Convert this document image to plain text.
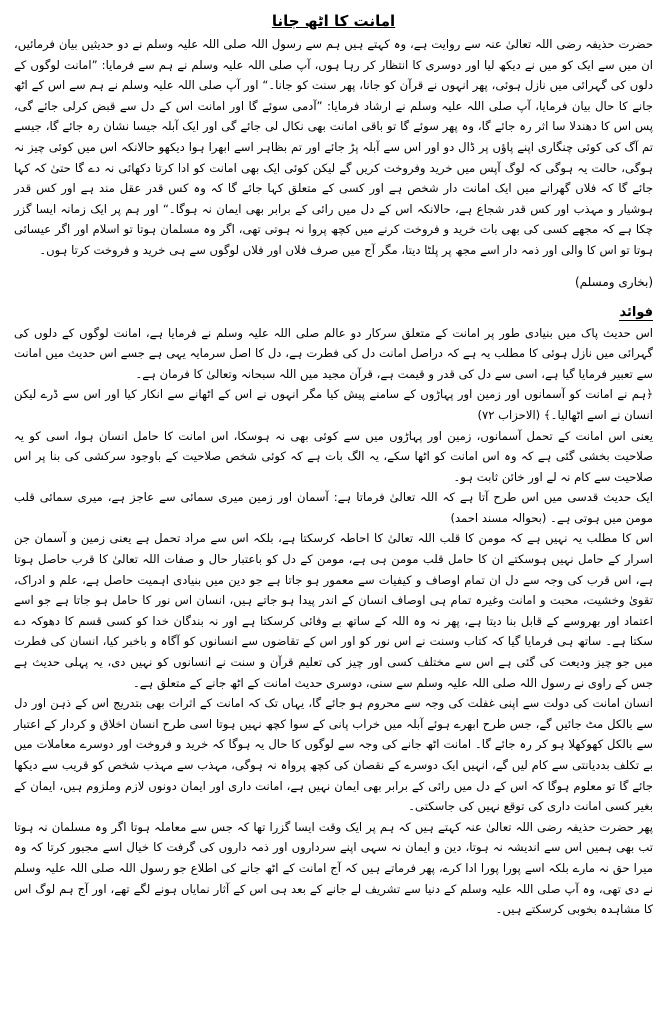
امانت کا اٹھ جانا

حضرت حذیفہ رضی اللہ تعالیٰ عنہ سے روایت ہے، وہ کہتے ہیں ہم سے رسول اللہ صلی اللہ علیہ وسلم نے دو حدیثیں بیان فرمائیں، ان میں سے ایک کو میں نے دیکھ لیا اور دوسری کا انتظار کر رہا ہوں، آپ صلی اللہ علیہ وسلم نے ہم سے فرمایا: ”امانت لوگوں کے دلوں کی گہرائی میں نازل ہوئی، پھر انہوں نے قرآن کو جانا، پھر سنت کو جانا۔“ اور آپ صلی اللہ علیہ وسلم نے ہم سے اس کے اٹھ جانے کا حال بیان فرمایا، آپ صلی اللہ علیہ وسلم نے ارشاد فرمایا: ”آدمی سوئے گا اور امانت اس کے دل سے قبض کرلی جائے گی، پس اس کا دھندلا سا اثر رہ جائے گا، وہ پھر سوئے گا تو باقی امانت بھی نکال لی جائے گی اور ایک آبلہ جیسا نشان رہ جائے گا، جیسے تم آگ کی کوئی چنگاری اپنے پاؤں پر ڈال دو اور اس سے آبلہ پڑ جائے اور تم بظاہر اسے ابھرا ہوا دیکھو حالانکہ اس میں کوئی چیز نہ ہوگی، حالت یہ ہوگی کہ لوگ آپس میں خرید وفروخت کریں گے لیکن کوئی ایک بھی امانت کو ادا کرتا دکھائی نہ دے گا حتیٰ کہ کہا جائے گا کہ فلاں گھرانے میں ایک امانت دار شخص ہے اور کسی کے متعلق کہا جائے گا کہ وہ کس قدر عقل مند ہے اور کس قدر ہوشیار و مہذب اور کس قدر شجاع ہے، حالانکہ اس کے دل میں رائی کے برابر بھی ایمان نہ ہوگا۔“ اور ہم پر ایک زمانہ ایسا گزر چکا ہے کہ مجھے کسی کی بھی بات خرید و فروخت کرنے میں کچھ پروا نہ ہوتی تھی، اگر وہ مسلمان ہوتا تو اسلام اور اگر عیسائی ہوتا تو اس کا والی اور ذمہ دار اسے مجھ پر پلٹا دیتا، مگر آج میں صرف فلاں اور فلاں لوگوں سے ہی خرید و فروخت کرتا ہوں۔

(بخاری ومسلم)
فوائد

اس حدیث پاک میں بنیادی طور پر امانت کے متعلق سرکار دو عالم صلی اللہ علیہ وسلم نے فرمایا ہے، امانت لوگوں کے دلوں کی گہرائی میں نازل ہوئی کا مطلب یہ ہے کہ دراصل امانت دل کی فطرت ہے، دل کا اصل سرمایہ یہی ہے جسے اس حدیث میں امانت سے تعبیر فرمایا گیا ہے، اسی سے دل کی قدر و قیمت ہے، قرآن مجید میں اللہ سبحانہ وتعالیٰ کا فرمان ہے۔

﴿ہم نے امانت کو آسمانوں اور زمین اور پہاڑوں کے سامنے پیش کیا مگر انہوں نے اس کے اٹھانے سے انکار کیا اور اس سے ڈرے لیکن انسان نے اسے اٹھالیا۔﴾ (الاحزاب ۷۲)

یعنی اس امانت کے تحمل آسمانوں، زمین اور پہاڑوں میں سے کوئی بھی نہ ہوسکا، اس امانت کا حامل انسان ہوا، اسی کو یہ صلاحیت بخشی گئی ہے کہ وہ اس امانت کو اٹھا سکے، یہ الگ بات ہے کہ کوئی شخص صلاحیت کے باوجود سرکشی کی بنا پر اس صلاحیت سے کام نہ لے اور خائن ثابت ہو۔

ایک حدیث قدسی میں اس طرح آتا ہے کہ اللہ تعالیٰ فرماتا ہے: آسمان اور زمین میری سمائی سے عاجز ہے، میری سمائی قلب مومن میں ہوتی ہے۔ (بحوالہ مسند احمد)

اس کا مطلب یہ نہیں ہے کہ مومن کا قلب اللہ تعالیٰ کا احاطہ کرسکتا ہے، بلکہ اس سے مراد تحمل ہے یعنی زمین و آسمان جن اسرار کے حامل نہیں ہوسکتے ان کا حامل قلب مومن ہی ہے، مومن کے دل کو باعتبار حال و صفات اللہ تعالیٰ کا قرب حاصل ہوتا ہے، اس قرب کی وجہ سے دل ان تمام اوصاف و کیفیات سے معمور ہو جاتا ہے جو دین میں بنیادی اہمیت حاصل ہے، علم و ادراک، تقویٰ وخشیت، محبت و امانت وغیرہ تمام ہی اوصاف انسان کے اندر پیدا ہو جاتے ہیں، انسان اس نور کا حامل ہو جاتا ہے جو اسے اعتماد اور بھروسے کے قابل بنا دیتا ہے، پھر نہ وہ اللہ کے ساتھ بے وفائی کرسکتا ہے اور نہ بندگان خدا کو کسی قسم کا دھوکہ دے سکتا ہے۔ ساتھ ہی فرمایا گیا کہ کتاب وسنت نے اس نور کو اور اس کے تقاضوں سے انسانوں کو آگاہ و باخبر کیا، انسان کی فطرت میں جو چیز ودیعت کی گئی ہے اس سے مختلف کسی اور چیز کی تعلیم قرآن و سنت نے انسانوں کو نہیں دی، یہ پہلی حدیث ہے جس کے راوی نے رسول اللہ صلی اللہ علیہ وسلم سے سنی، دوسری حدیث امانت کے اٹھ جانے کے متعلق ہے۔

انسان امانت کی دولت سے اپنی غفلت کی وجہ سے محروم ہو جائے گا، یہاں تک کہ امانت کے اثرات بھی بتدریج اس کے ذہن اور دل سے بالکل مٹ جائیں گے، جس طرح ابھرے ہوئے آبلہ میں خراب پانی کے سوا کچھ نہیں ہوتا اسی طرح انسان اخلاق و کردار کے اعتبار سے بالکل کھوکھلا ہو کر رہ جائے گا۔ امانت اٹھ جانے کی وجہ سے لوگوں کا حال یہ ہوگا کہ خرید و فروخت اور دوسرے معاملات میں بے تکلف بددیانتی سے کام لیں گے، انہیں ایک دوسرے کے نقصان کی کچھ پرواہ نہ ہوگی، مہذب سے مہذب شخص کو قریب سے دیکھا جائے گا تو معلوم ہوگا کہ اس کے دل میں رائی کے برابر بھی ایمان نہیں ہے، امانت داری اور ایمان دونوں لازم وملزوم ہیں، ایمان کے بغیر کسی امانت داری کی توقع نہیں کی جاسکتی۔

پھر حضرت حذیفہ رضی اللہ تعالیٰ عنہ کہتے ہیں کہ ہم پر ایک وقت ایسا گزرا تھا کہ جس سے معاملہ ہوتا اگر وہ مسلمان نہ ہوتا تب بھی ہمیں اس سے اندیشہ نہ ہوتا، دین و ایمان نہ سہی اپنے سرداروں اور ذمہ داروں کی گرفت کا خیال اسے مجبور کرتا کہ وہ میرا حق نہ مارے بلکہ اسے پورا پورا ادا کرے، پھر فرماتے ہیں کہ آج امانت کے اٹھ جانے کی اطلاع جو رسول اللہ صلی اللہ علیہ وسلم نے دی تھی، وہ آپ صلی اللہ علیہ وسلم کے دنیا سے تشریف لے جانے کے بعد ہی اس کے آثار نمایاں ہونے لگے تھے، اور آج ہم لوگ اس کا مشاہدہ بخوبی کرسکتے ہیں۔
